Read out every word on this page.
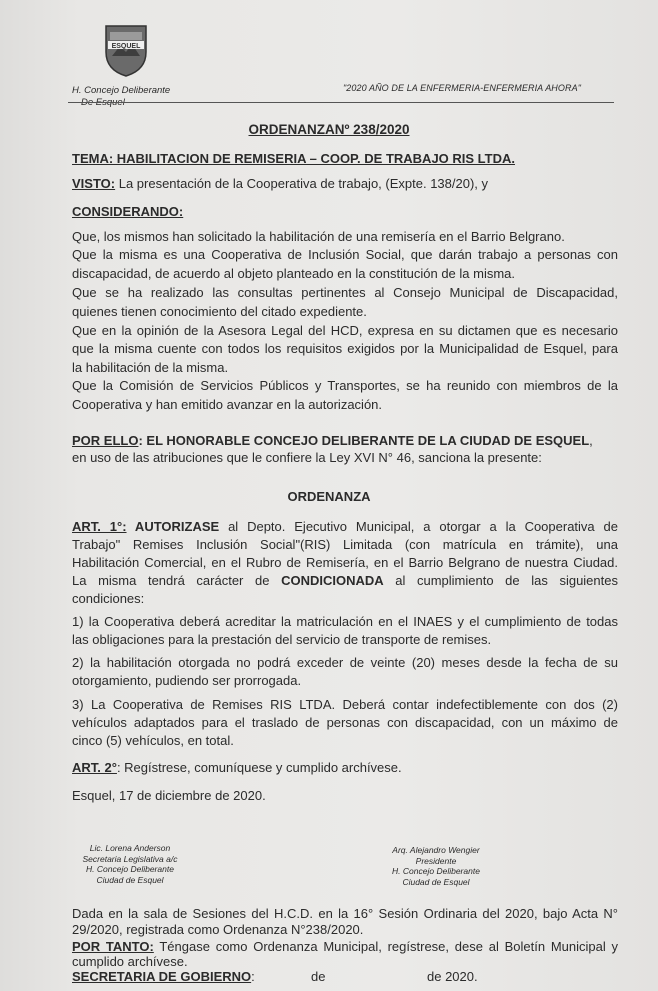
ESQUEL
H. Concejo Deliberante	"2020 AÑO DE LA ENFERMERIA-ENFERMERIA AHORA"
ORDENANZANº 238/2020
TEMA: HABILITACION DE REMISERIA – COOP. DE TRABAJO RIS LTDA.
VISTO: La presentación de la Cooperativa de trabajo, (Expte. 138/20), y
CONSIDERANDO:
Que, los mismos han solicitado la habilitación de una remisería en el Barrio Belgrano.
Que la misma es una Cooperativa de Inclusión Social, que darán trabajo a personas con
discapacidad, de acuerdo al objeto planteado en la constitución de la misma.
Que se ha realizado las consultas pertinentes al Consejo Municipal de Discapacidad,
quienes tienen conocimiento del citado expediente.
Que en la opinión de la Asesora Legal del HCD, expresa en su dictamen que es necesario
que la misma cuente con todos los requisitos exigidos por la Municipalidad de Esquel, para
la habilitación de la misma.
Que la Comisión de Servicios Públicos y Transportes, se ha reunido con miembros de la
Cooperativa y han emitido avanzar en la autorización.
POR ELLO: EL HONORABLE CONCEJO DELIBERANTE DE LA CIUDAD DE ESQUEL,
en uso de las atribuciones que le confiere la Ley XVI N° 46, sanciona la presente:
ORDENANZA
ART. 1°: AUTORIZASE al Depto. Ejecutivo Municipal, a otorgar a la Cooperativa de
Trabajo" Remises Inclusión Social"(RIS) Limitada (con matrícula en trámite), una
Habilitación Comercial, en el Rubro de Remisería, en el Barrio Belgrano de nuestra Ciudad.
La misma tendrá carácter de CONDICIONADA al cumplimiento de las siguientes
condiciones:
1) la Cooperativa deberá acreditar la matriculación en el INAES y el cumplimiento de todas
las obligaciones para la prestación del servicio de transporte de remises.
2) la habilitación otorgada no podrá exceder de veinte (20) meses desde la fecha de su
otorgamiento, pudiendo ser prorrogada.
3) La Cooperativa de Remises RIS LTDA. Deberá contar indefectiblemente con dos (2)
vehículos adaptados para el traslado de personas con discapacidad, con un máximo de
cinco (5) vehículos, en total.
ART. 2°: Regístrese, comuníquese y cumplido archívese.
Esquel, 17 de diciembre de 2020.
Lic. Lorena Anderson
Secretaria Legislativa a/c
H. Concejo Deliberante
Ciudad de Esquel
Arq. Alejandro Wengier
Presidente
H. Concejo Deliberante
Ciudad de Esquel
Dada en la sala de Sesiones del H.C.D. en la 16° Sesión Ordinaria del 2020, bajo Acta N°
29/2020, registrada como Ordenanza N°238/2020.
POR TANTO: Téngase como Ordenanza Municipal, regístrese, dese al Boletín Municipal y
cumplido archívese.
SECRETARIA DE GOBIERNO:	de	de 2020.
